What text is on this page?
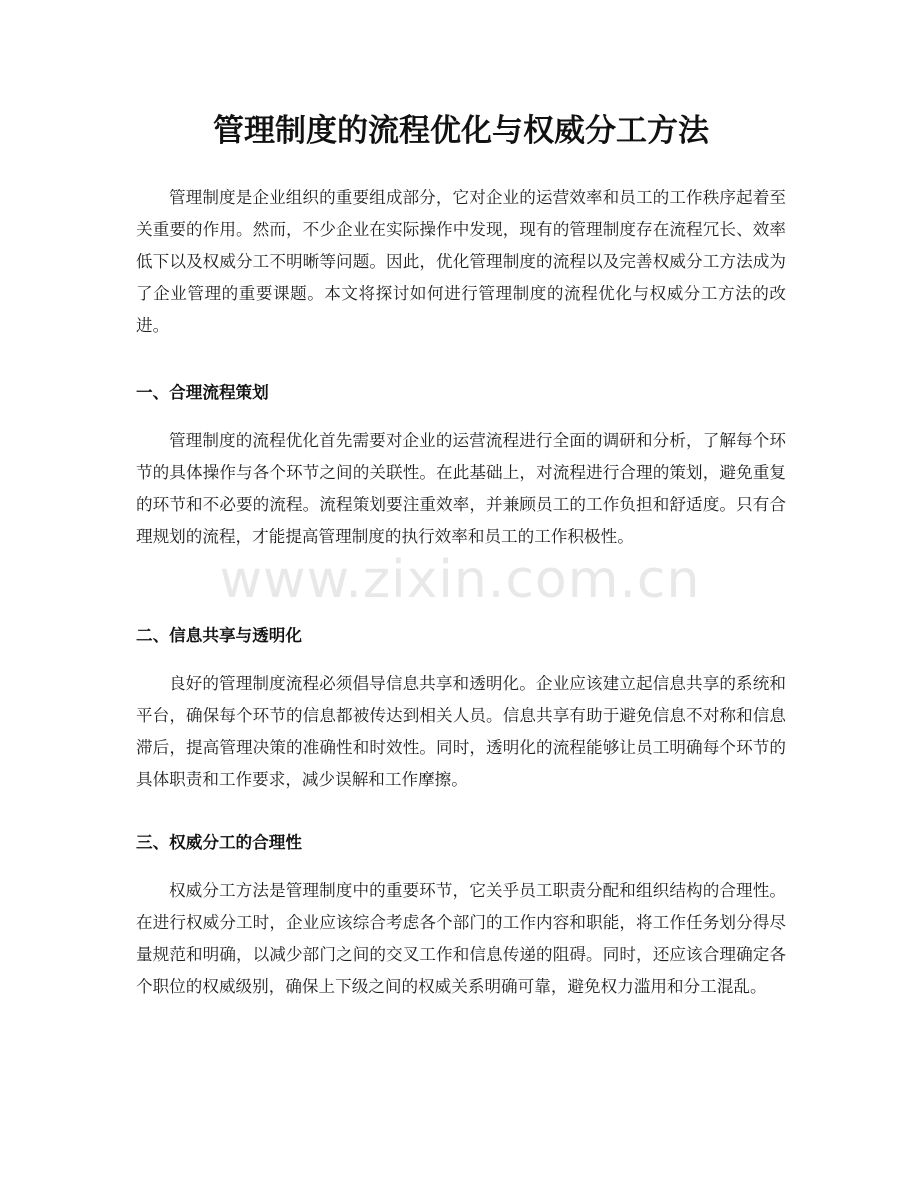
管理制度的流程优化与权威分工方法

管理制度是企业组织的重要组成部分，它对企业的运营效率和员工的工作秩序起着至关重要的作用。然而，不少企业在实际操作中发现，现有的管理制度存在流程冗长、效率低下以及权威分工不明晰等问题。因此，优化管理制度的流程以及完善权威分工方法成为了企业管理的重要课题。本文将探讨如何进行管理制度的流程优化与权威分工方法的改进。

一、合理流程策划

管理制度的流程优化首先需要对企业的运营流程进行全面的调研和分析，了解每个环节的具体操作与各个环节之间的关联性。在此基础上，对流程进行合理的策划，避免重复的环节和不必要的流程。流程策划要注重效率，并兼顾员工的工作负担和舒适度。只有合理规划的流程，才能提高管理制度的执行效率和员工的工作积极性。

二、信息共享与透明化

良好的管理制度流程必须倡导信息共享和透明化。企业应该建立起信息共享的系统和平台，确保每个环节的信息都被传达到相关人员。信息共享有助于避免信息不对称和信息滞后，提高管理决策的准确性和时效性。同时，透明化的流程能够让员工明确每个环节的具体职责和工作要求，减少误解和工作摩擦。

三、权威分工的合理性

权威分工方法是管理制度中的重要环节，它关乎员工职责分配和组织结构的合理性。在进行权威分工时，企业应该综合考虑各个部门的工作内容和职能，将工作任务划分得尽量规范和明确，以减少部门之间的交叉工作和信息传递的阻碍。同时，还应该合理确定各个职位的权威级别，确保上下级之间的权威关系明确可靠，避免权力滥用和分工混乱。

www.zixin.com.cn
